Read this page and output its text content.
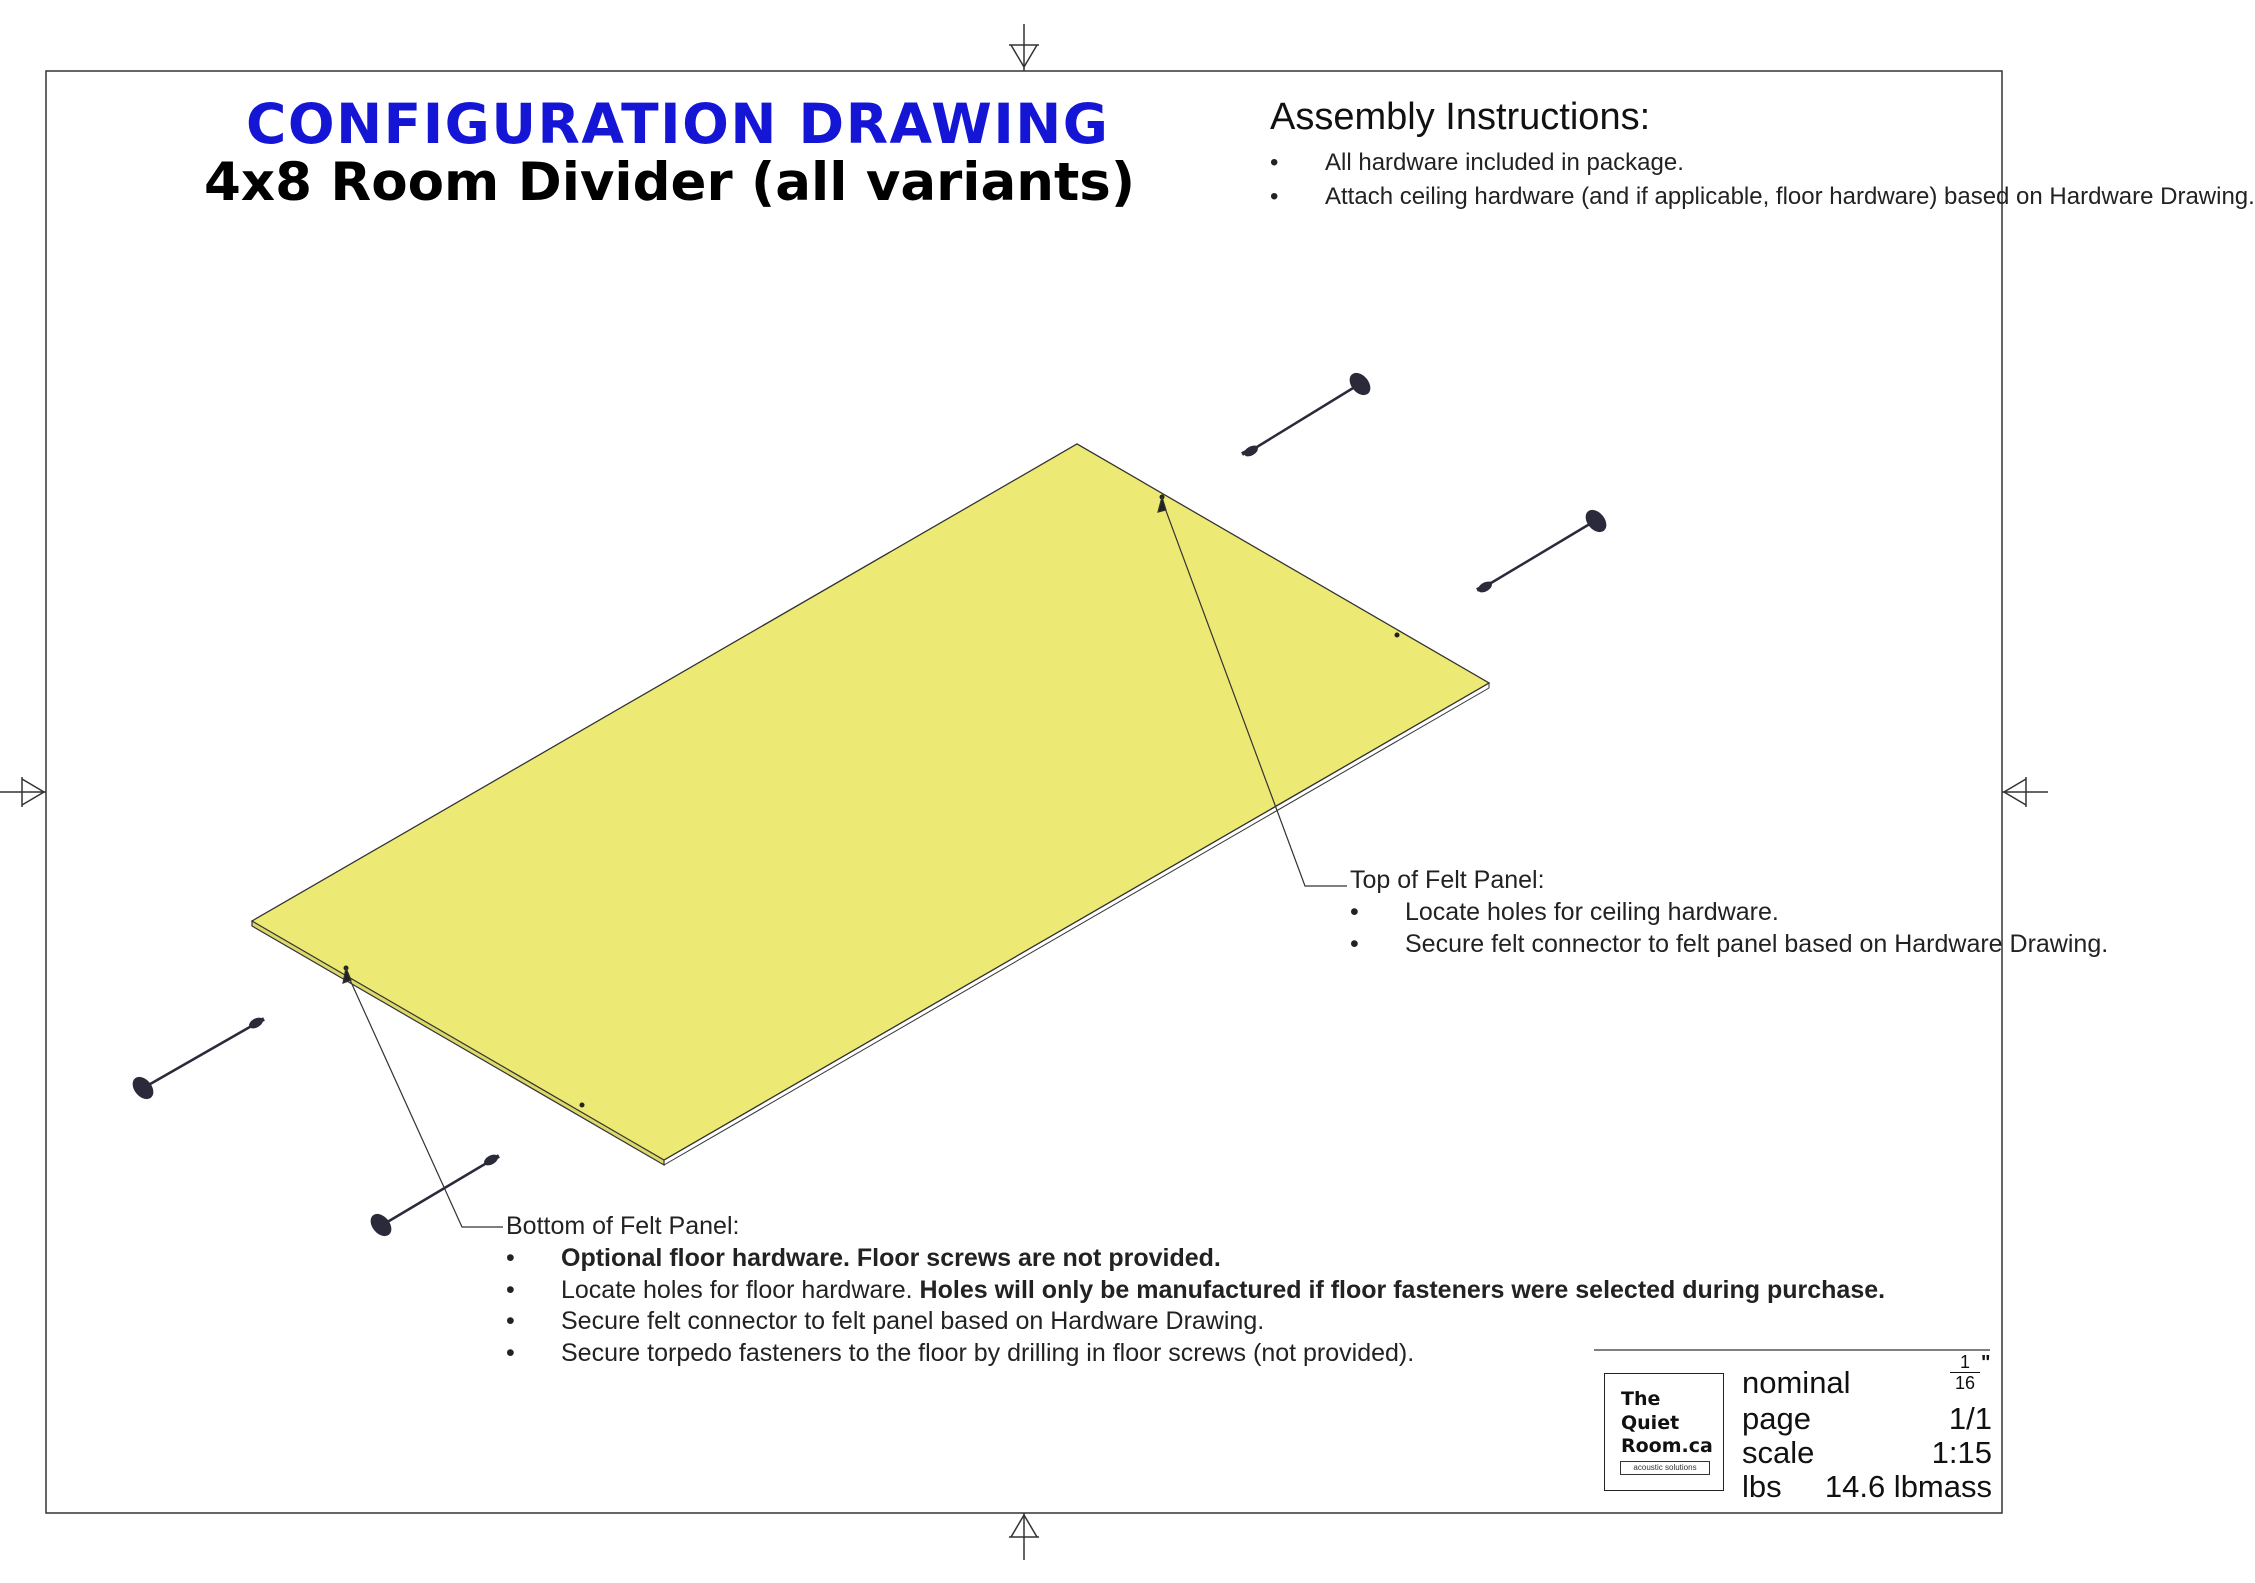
CONFIGURATION DRAWING
4x8 Room Divider (all variants)
Assembly Instructions:
• All hardware included in package.
• Attach ceiling hardware (and if applicable, floor hardware) based on Hardware Drawing.
Top of Felt Panel:
• Locate holes for ceiling hardware.
• Secure felt connector to felt panel based on Hardware Drawing.
Bottom of Felt Panel:
• Optional floor hardware. Floor screws are not provided.
• Locate holes for floor hardware. Holes will only be manufactured if floor fasteners were selected during purchase.
• Secure felt connector to felt panel based on Hardware Drawing.
• Secure torpedo fasteners to the floor by drilling in floor screws (not provided).
The
Quiet
Room.ca
acoustic solutions
$\frac{1}{16}$ "
nominal
page	1/1
scale	1:15
lbs 14.6 lbmass
